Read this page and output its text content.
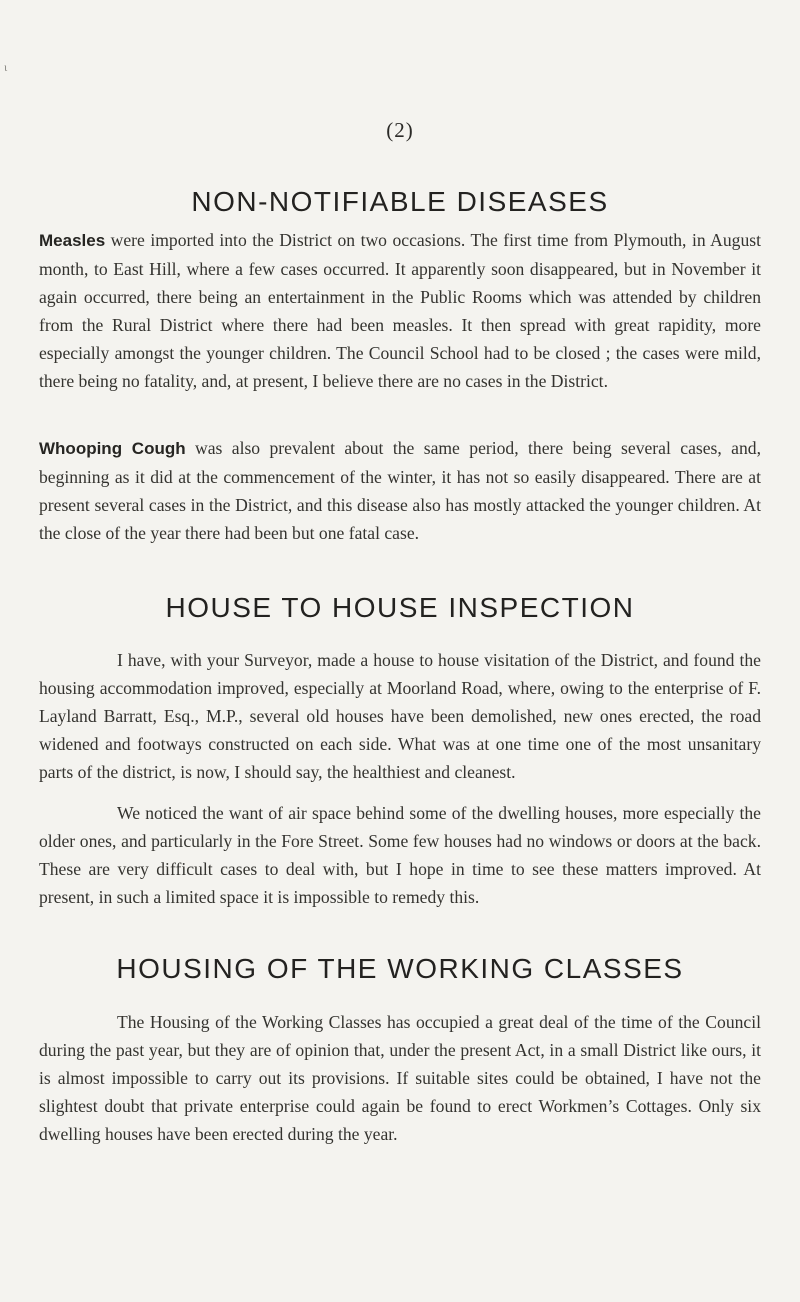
ι
(2)
NON-NOTIFIABLE DISEASES

Measles were imported into the District on two occasions. The first time from Plymouth, in August month, to East Hill, where a few cases occurred. It apparently soon disappeared, but in November it again occurred, there being an entertainment in the Public Rooms which was attended by children from the Rural District where there had been measles. It then spread with great rapidity, more especially amongst the younger children. The Council School had to be closed ; the cases were mild, there being no fatality, and, at present, I believe there are no cases in the District.

Whooping Cough was also prevalent about the same period, there being several cases, and, beginning as it did at the commencement of the winter, it has not so easily disappeared. There are at present several cases in the District, and this disease also has mostly attacked the younger children. At the close of the year there had been but one fatal case.

HOUSE TO HOUSE INSPECTION

I have, with your Surveyor, made a house to house visitation of the District, and found the housing accommodation improved, especially at Moorland Road, where, owing to the enterprise of F. Layland Barratt, Esq., M.P., several old houses have been demolished, new ones erected, the road widened and footways constructed on each side. What was at one time one of the most unsanitary parts of the district, is now, I should say, the healthiest and cleanest.

We noticed the want of air space behind some of the dwelling houses, more especially the older ones, and particularly in the Fore Street. Some few houses had no windows or doors at the back. These are very difficult cases to deal with, but I hope in time to see these matters improved. At present, in such a limited space it is impossible to remedy this.

HOUSING OF THE WORKING CLASSES

The Housing of the Working Classes has occupied a great deal of the time of the Council during the past year, but they are of opinion that, under the present Act, in a small District like ours, it is almost impossible to carry out its provisions. If suitable sites could be obtained, I have not the slightest doubt that private enterprise could again be found to erect Workmen’s Cottages. Only six dwelling houses have been erected during the year.
